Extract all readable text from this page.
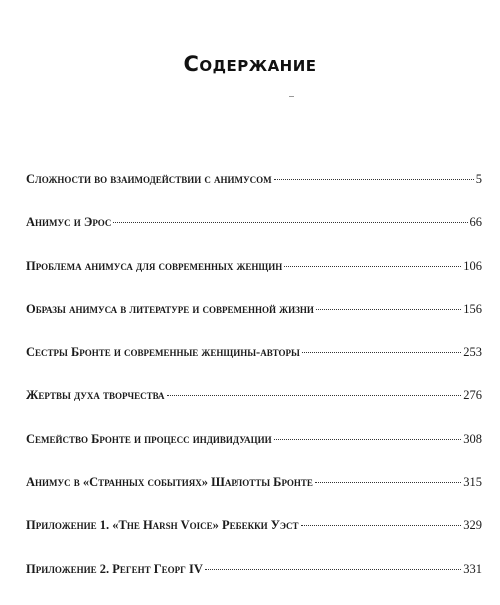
Содержание
Сложности во взаимодействии с анимусом	5
Анимус и Эрос	66
Проблема анимуса для современных женщин	106
Образы анимуса в литературе и современной жизни	156
Сестры Бронте и современные женщины-авторы	253
Жертвы духа творчества	276
Семейство Бронте и процесс индивидуации	308
Анимус в «Странных событиях» Шарлотты Бронте	315
Приложение 1. «The Harsh Voice» Ребекки Уэст	329
Приложение 2. Регент Георг IV	331
